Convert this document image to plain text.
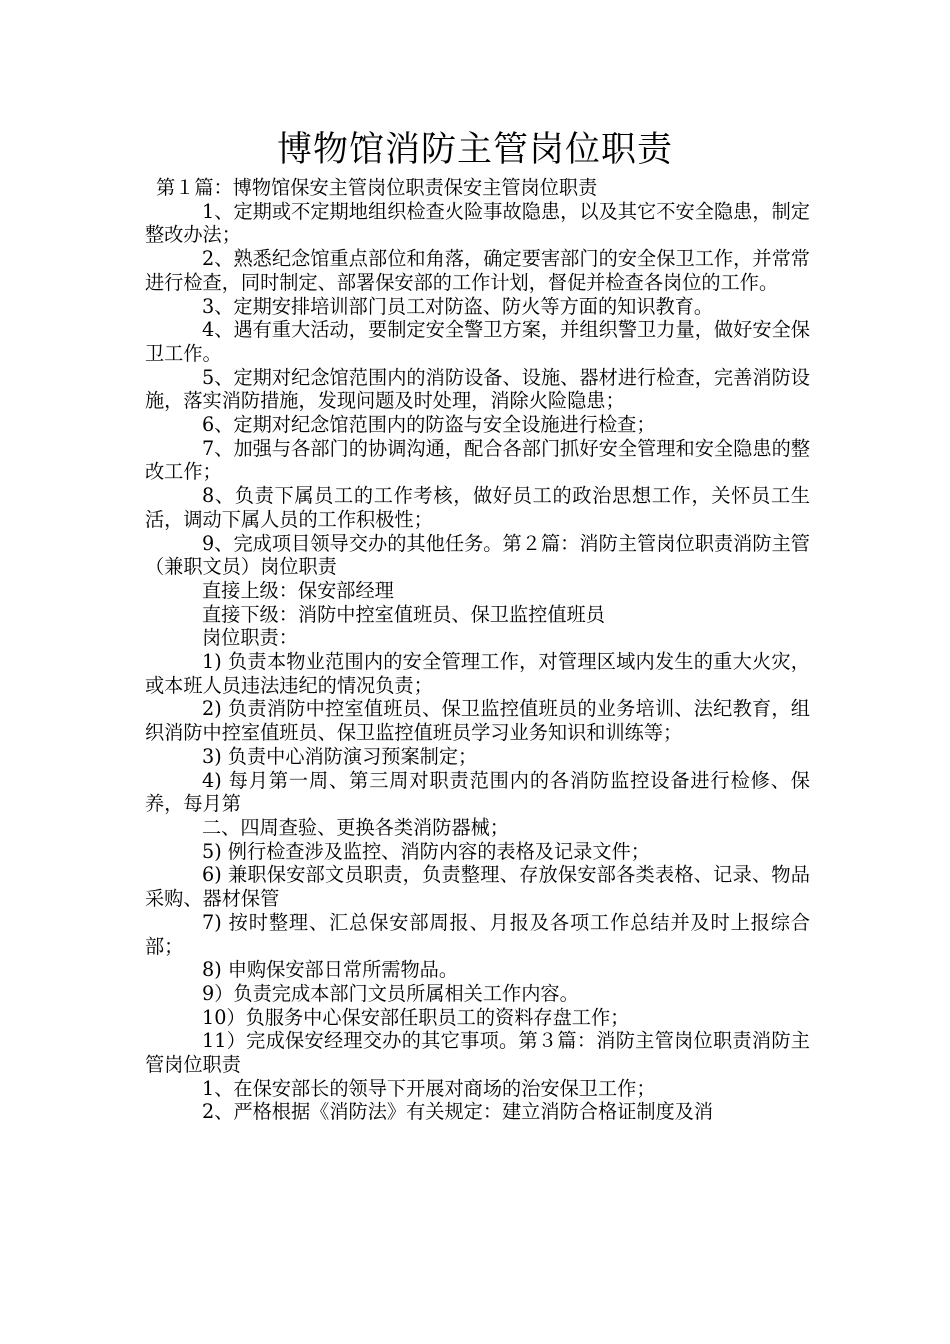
博物馆消防主管岗位职责

第１篇：博物馆保安主管岗位职责保安主管岗位职责

1、定期或不定期地组织检查火险事故隐患，以及其它不安全隐患，制定整改办法；

2、熟悉纪念馆重点部位和角落，确定要害部门的安全保卫工作，并常常进行检查，同时制定、部署保安部的工作计划，督促并检查各岗位的工作。

3、定期安排培训部门员工对防盗、防火等方面的知识教育。

4、遇有重大活动，要制定安全警卫方案，并组织警卫力量，做好安全保卫工作。

5、定期对纪念馆范围内的消防设备、设施、器材进行检查，完善消防设施，落实消防措施，发现问题及时处理，消除火险隐患；

6、定期对纪念馆范围内的防盗与安全设施进行检查；

7、加强与各部门的协调沟通，配合各部门抓好安全管理和安全隐患的整改工作；

8、负责下属员工的工作考核，做好员工的政治思想工作，关怀员工生活，调动下属人员的工作积极性；

9、完成项目领导交办的其他任务。第２篇：消防主管岗位职责消防主管（兼职文员）岗位职责

直接上级：保安部经理

直接下级：消防中控室值班员、保卫监控值班员

岗位职责：

1) 负责本物业范围内的安全管理工作，对管理区域内发生的重大火灾，或本班人员违法违纪的情况负责；

2) 负责消防中控室值班员、保卫监控值班员的业务培训、法纪教育，组织消防中控室值班员、保卫监控值班员学习业务知识和训练等；

3) 负责中心消防演习预案制定；

4) 每月第一周、第三周对职责范围内的各消防监控设备进行检修、保养，每月第

二、四周查验、更换各类消防器械；

5) 例行检查涉及监控、消防内容的表格及记录文件；

6) 兼职保安部文员职责，负责整理、存放保安部各类表格、记录、物品采购、器材保管

7) 按时整理、汇总保安部周报、月报及各项工作总结并及时上报综合部；

8) 申购保安部日常所需物品。

9）负责完成本部门文员所属相关工作内容。

10）负服务中心保安部任职员工的资料存盘工作；

11）完成保安经理交办的其它事项。第３篇：消防主管岗位职责消防主管岗位职责

1、在保安部长的领导下开展对商场的治安保卫工作；

2、严格根据《消防法》有关规定：建立消防合格证制度及消
